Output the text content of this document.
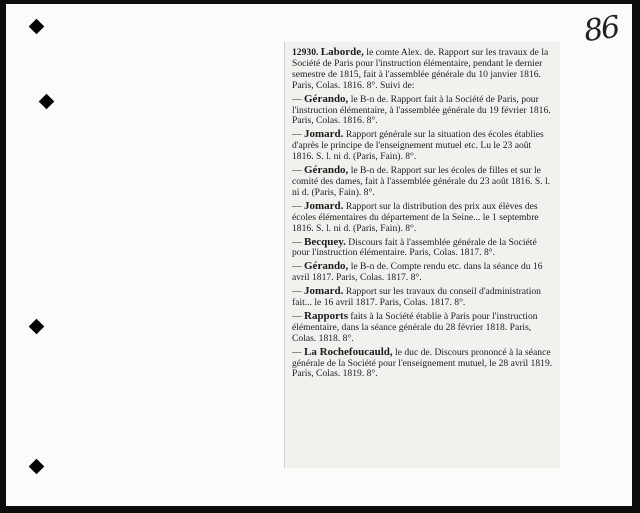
86

12930. Laborde, le comte Alex. de. Rapport sur les travaux de la Société de Paris pour l'instruction élémentaire, pendant le dernier semestre de 1815, fait à l'assemblée générale du 10 janvier 1816. Paris, Colas. 1816. 8°. Suivi de:

— Gérando, le B-n de. Rapport fait à la Société de Paris, pour l'instruction élémentaire, à l'assemblée générale du 19 février 1816. Paris, Colas. 1816. 8°.

— Jomard. Rapport générale sur la situation des écoles établies d'après le principe de l'enseignement mutuel etc. Lu le 23 août 1816. S. l. ni d. (Paris, Fain). 8°.

— Gérando, le B-n de. Rapport sur les écoles de filles et sur le comité des dames, fait à l'assemblée générale du 23 août 1816. S. l. ni d. (Paris, Fain). 8°.

— Jomard. Rapport sur la distribution des prix aux élèves des écoles élémentaires du département de la Seine... le 1 septembre 1816. S. l. ni d. (Paris, Fain). 8°.

— Becquey. Discours fait à l'assemblée générale de la Société pour l'instruction élémentaire. Paris, Colas. 1817. 8°.

— Gérando, le B-n de. Compte rendu etc. dans la séance du 16 avril 1817. Paris, Colas. 1817. 8°.

— Jomard. Rapport sur les travaux du conseil d'administration fait... le 16 avril 1817. Paris, Colas. 1817. 8°.

— Rapports faits à la Société établie à Paris pour l'instruction élémentaire, dans la séance générale du 28 février 1818. Paris, Colas. 1818. 8°.

— La Rochefoucauld, le duc de. Discours prononcé à la séance générale de la Société pour l'enseignement mutuel, le 28 avril 1819. Paris, Colas. 1819. 8°.
